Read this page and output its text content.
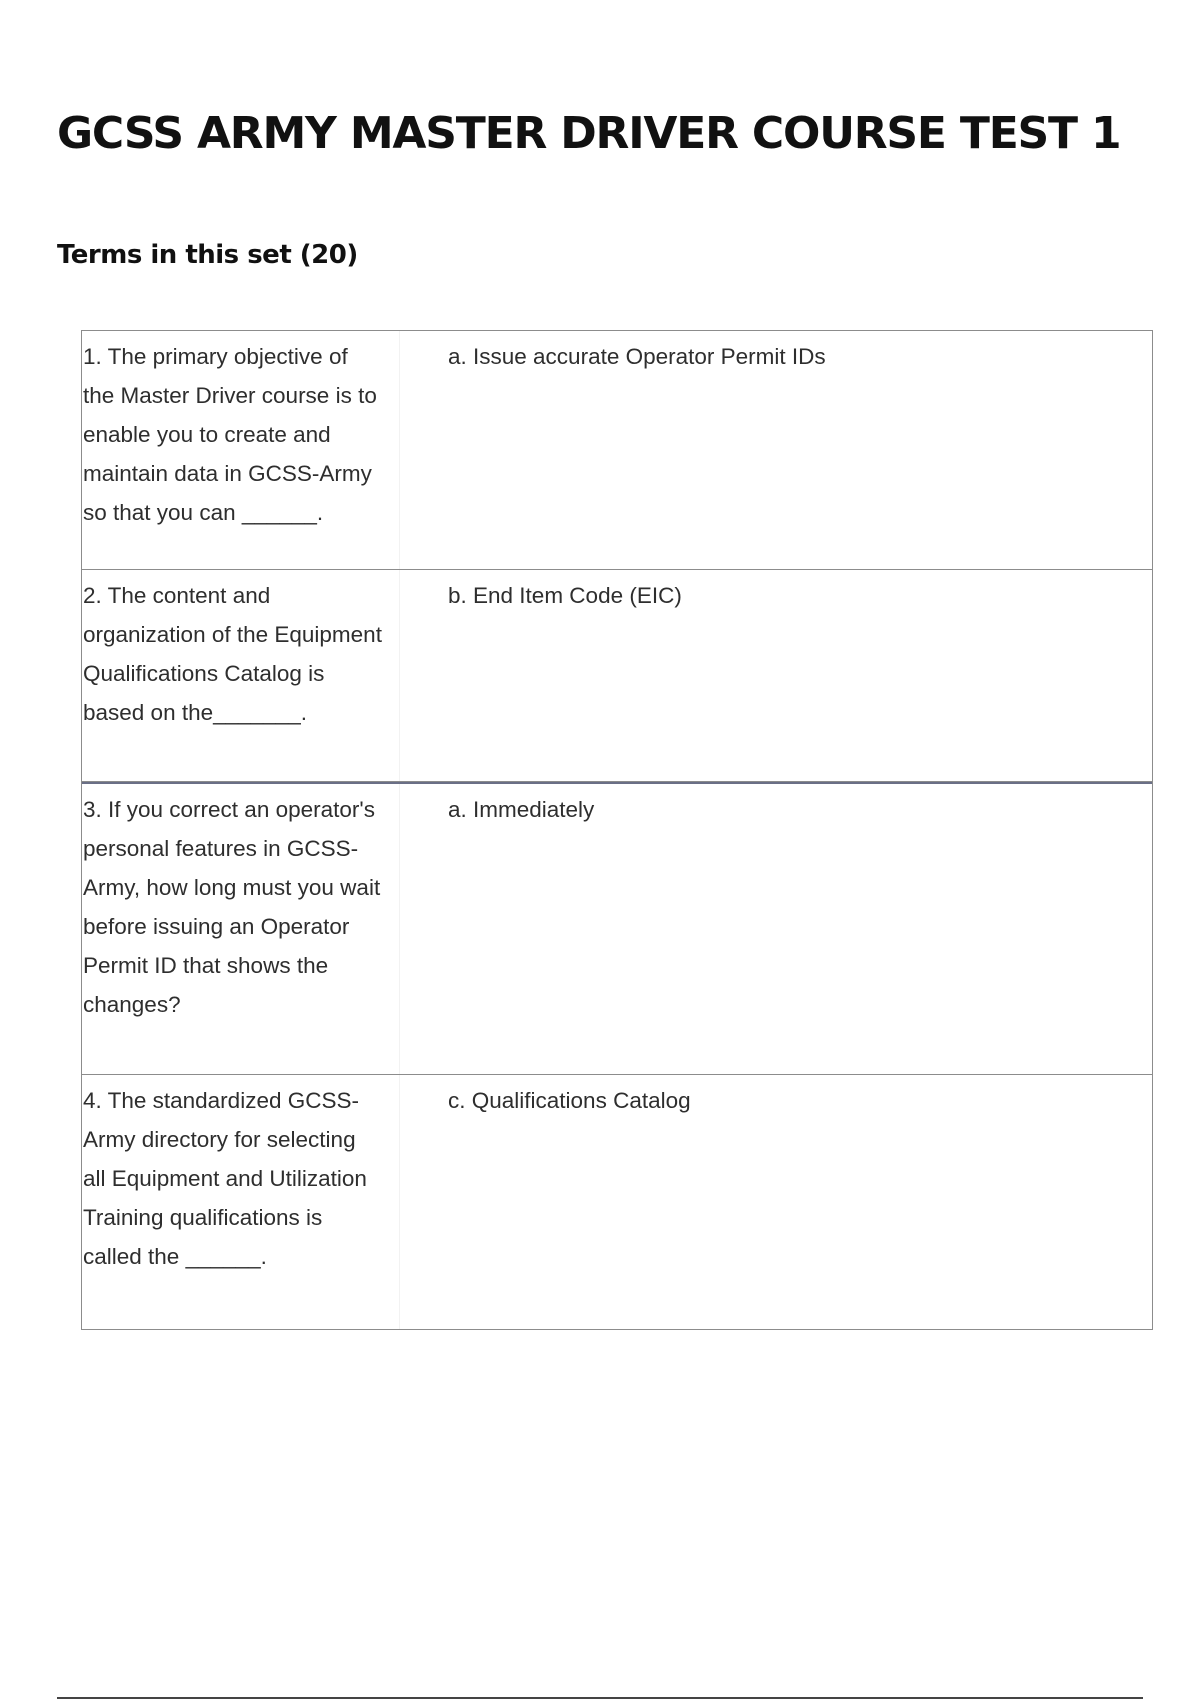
GCSS ARMY MASTER DRIVER COURSE TEST 1
Terms in this set (20)
1. The primary objective of the Master Driver course is to enable you to create and maintain data in GCSS-Army so that you can ______.
a. Issue accurate Operator Permit IDs
2. The content and organization of the Equipment Qualifications Catalog is based on the_______.
b. End Item Code (EIC)
3. If you correct an operator's personal features in GCSS-Army, how long must you wait before issuing an Operator Permit ID that shows the changes?
a. Immediately
4. The standardized GCSS-Army directory for selecting all Equipment and Utilization Training qualifications is called the ______.
c. Qualifications Catalog
